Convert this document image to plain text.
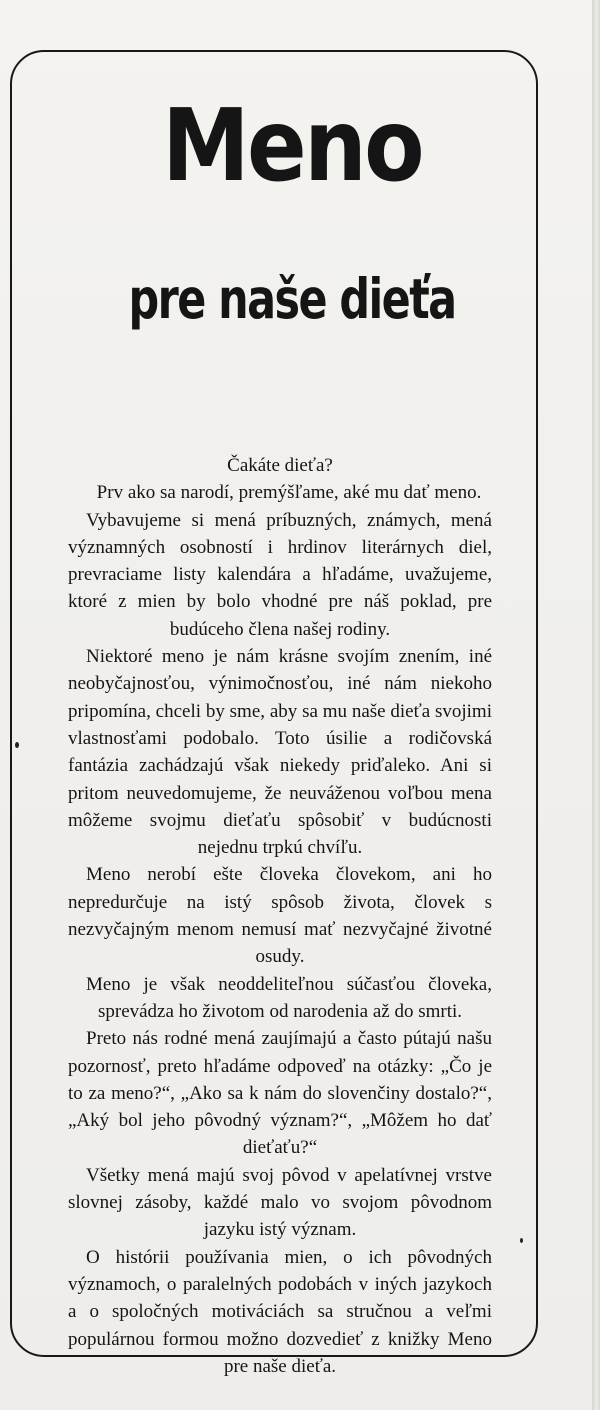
Meno
pre naše dieťa

Čakáte dieťa?

Prv ako sa narodí, premýšľame, aké mu dať meno.

Vybavujeme si mená príbuzných, známych, mená významných osobností i hrdinov literárnych diel, prevraciame listy kalendára a hľadáme, uvažujeme, ktoré z mien by bolo vhodné pre náš poklad, pre budúceho člena našej rodiny.

Niektoré meno je nám krásne svojím znením, iné neobyčajnosťou, výnimočnosťou, iné nám niekoho pripomína, chceli by sme, aby sa mu naše dieťa svojimi vlastnosťami podobalo. Toto úsilie a rodičovská fantázia zachádzajú však niekedy priďaleko. Ani si pritom neuvedomujeme, že neuváženou voľbou mena môžeme svojmu dieťaťu spôsobiť v budúcnosti nejednu trpkú chvíľu.

Meno nerobí ešte človeka človekom, ani ho nepredurčuje na istý spôsob života, človek s nezvyčajným menom nemusí mať nezvyčajné životné osudy.

Meno je však neoddeliteľnou súčasťou človeka, sprevádza ho životom od narodenia až do smrti.

Preto nás rodné mená zaujímajú a často pútajú našu pozornosť, preto hľadáme odpoveď na otázky: „Čo je to za meno?“, „Ako sa k nám do slovenčiny dostalo?“, „Aký bol jeho pôvodný význam?“, „Môžem ho dať dieťaťu?“

Všetky mená majú svoj pôvod v apelatívnej vrstve slovnej zásoby, každé malo vo svojom pôvodnom jazyku istý význam.

O histórii používania mien, o ich pôvodných významoch, o paralelných podobách v iných jazykoch a o spoločných motiváciách sa stručnou a veľmi populárnou formou možno dozvedieť z knižky Meno pre naše dieťa.
